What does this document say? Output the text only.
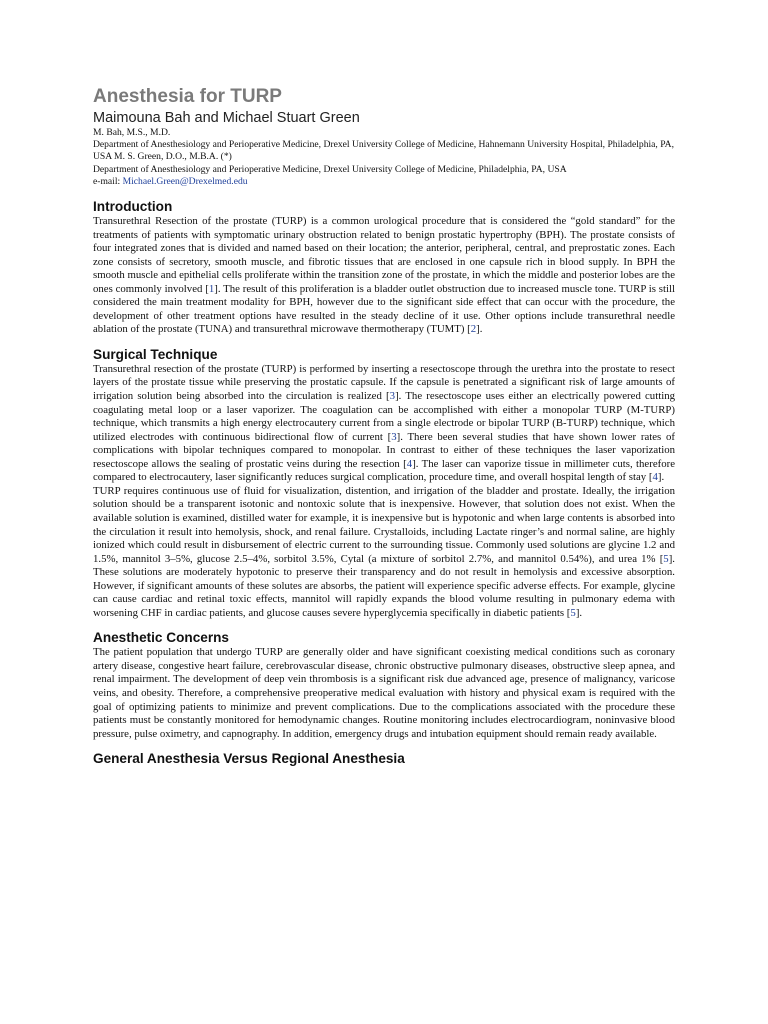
Anesthesia for TURP
Maimouna Bah and Michael Stuart Green

M. Bah, M.S., M.D.

Department of Anesthesiology and Perioperative Medicine, Drexel University College of Medicine, Hahnemann University Hospital, Philadelphia, PA, USA M. S. Green, D.O., M.B.A. (*)

Department of Anesthesiology and Perioperative Medicine, Drexel University College of Medicine, Philadelphia, PA, USA

e-mail: Michael.Green@Drexelmed.edu

Introduction

Transurethral Resection of the prostate (TURP) is a common urological procedure that is considered the “gold standard” for the treatments of patients with symptomatic urinary obstruction related to benign prostatic hypertrophy (BPH). The prostate consists of four integrated zones that is divided and named based on their location; the anterior, peripheral, central, and preprostatic zones. Each zone consists of secretory, smooth muscle, and fibrotic tissues that are enclosed in one capsule rich in blood supply. In BPH the smooth muscle and epithelial cells proliferate within the transition zone of the prostate, in which the middle and posterior lobes are the ones commonly involved [1]. The result of this proliferation is a bladder outlet obstruction due to increased muscle tone. TURP is still considered the main treatment modality for BPH, however due to the significant side effect that can occur with the procedure, the development of other treatment options have resulted in the steady decline of it use. Other options include transurethral needle ablation of the prostate (TUNA) and transurethral microwave thermotherapy (TUMT) [2].

Surgical Technique

Transurethral resection of the prostate (TURP) is performed by inserting a resectoscope through the urethra into the prostate to resect layers of the prostate tissue while preserving the prostatic capsule. If the capsule is penetrated a significant risk of large amounts of irrigation solution being absorbed into the circulation is realized [3]. The resectoscope uses either an electrically powered cutting coagulating metal loop or a laser vaporizer. The coagulation can be accomplished with either a monopolar TURP (M-TURP) technique, which transmits a high energy electrocautery current from a single electrode or bipolar TURP (B-TURP) technique, which utilized electrodes with continuous bidirectional flow of current [3]. There been several studies that have shown lower rates of complications with bipolar techniques compared to monopolar. In contrast to either of these techniques the laser vaporization resectoscope allows the sealing of prostatic veins during the resection [4]. The laser can vaporize tissue in millimeter cuts, therefore compared to electrocautery, laser significantly reduces surgical complication, procedure time, and overall hospital length of stay [4].

TURP requires continuous use of fluid for visualization, distention, and irrigation of the bladder and prostate. Ideally, the irrigation solution should be a transparent isotonic and nontoxic solute that is inexpensive. However, that solution does not exist. When the available solution is examined, distilled water for example, it is inexpensive but is hypotonic and when large contents is absorbed into the circulation it result into hemolysis, shock, and renal failure. Crystalloids, including Lactate ringer’s and normal saline, are highly ionized which could result in disbursement of electric current to the surrounding tissue. Commonly used solutions are glycine 1.2 and 1.5%, mannitol 3–5%, glucose 2.5–4%, sorbitol 3.5%, Cytal (a mixture of sorbitol 2.7%, and mannitol 0.54%), and urea 1% [5]. These solutions are moderately hypotonic to preserve their transparency and do not result in hemolysis and excessive absorption. However, if significant amounts of these solutes are absorbs, the patient will experience specific adverse effects. For example, glycine can cause cardiac and retinal toxic effects, mannitol will rapidly expands the blood volume resulting in pulmonary edema with worsening CHF in cardiac patients, and glucose causes severe hyperglycemia specifically in diabetic patients [5].

Anesthetic Concerns

The patient population that undergo TURP are generally older and have significant coexisting medical conditions such as coronary artery disease, congestive heart failure, cerebrovascular disease, chronic obstructive pulmonary diseases, obstructive sleep apnea, and renal impairment. The development of deep vein thrombosis is a significant risk due advanced age, presence of malignancy, varicose veins, and obesity. Therefore, a comprehensive preoperative medical evaluation with history and physical exam is required with the goal of optimizing patients to minimize and prevent complications. Due to the complications associated with the procedure these patients must be constantly monitored for hemodynamic changes. Routine monitoring includes electrocardiogram, noninvasive blood pressure, pulse oximetry, and capnography. In addition, emergency drugs and intubation equipment should remain ready available.

General Anesthesia Versus Regional Anesthesia
